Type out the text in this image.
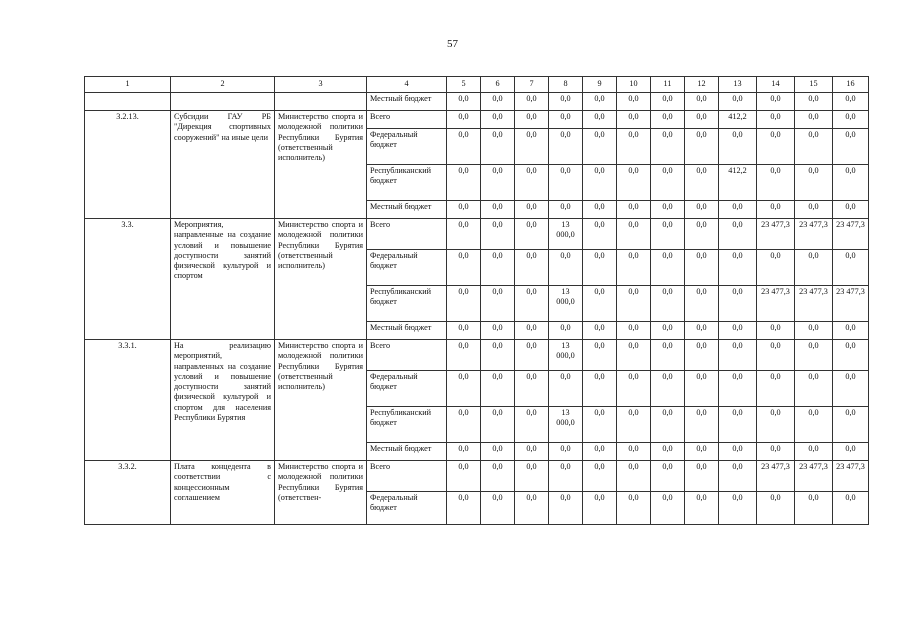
57
1	2	3	4	5	6	7	8	9	10	11	12	13	14	15	16
			Местный бюджет	0,0	0,0	0,0	0,0	0,0	0,0	0,0	0,0	0,0	0,0	0,0	0,0
3.2.13.	Субсидии ГАУ РБ "Дирекция спортивных сооружений" на иные цели	Министерство спорта и молодежной политики Республики Бурятия (ответственный исполнитель)	Всего	0,0	0,0	0,0	0,0	0,0	0,0	0,0	0,0	412,2	0,0	0,0	0,0
			Федеральный бюджет	0,0	0,0	0,0	0,0	0,0	0,0	0,0	0,0	0,0	0,0	0,0	0,0
			Республиканский бюджет	0,0	0,0	0,0	0,0	0,0	0,0	0,0	0,0	412,2	0,0	0,0	0,0
			Местный бюджет	0,0	0,0	0,0	0,0	0,0	0,0	0,0	0,0	0,0	0,0	0,0	0,0
3.3.	Мероприятия, направленные на создание условий и повышение доступности занятий физической культурой и спортом	Министерство спорта и молодежной политики Республики Бурятия (ответственный исполнитель)	Всего	0,0	0,0	0,0	13 000,0	0,0	0,0	0,0	0,0	0,0	23 477,3	23 477,3	23 477,3
			Федеральный бюджет	0,0	0,0	0,0	0,0	0,0	0,0	0,0	0,0	0,0	0,0	0,0	0,0
			Республиканский бюджет	0,0	0,0	0,0	13 000,0	0,0	0,0	0,0	0,0	0,0	23 477,3	23 477,3	23 477,3
			Местный бюджет	0,0	0,0	0,0	0,0	0,0	0,0	0,0	0,0	0,0	0,0	0,0	0,0
3.3.1.	На реализацию мероприятий, направленных на создание условий и повышение доступности занятий физической культурой и спортом для населения Республики Бурятия	Министерство спорта и молодежной политики Республики Бурятия (ответственный исполнитель)	Всего	0,0	0,0	0,0	13 000,0	0,0	0,0	0,0	0,0	0,0	0,0	0,0	0,0
			Федеральный бюджет	0,0	0,0	0,0	0,0	0,0	0,0	0,0	0,0	0,0	0,0	0,0	0,0
			Республиканский бюджет	0,0	0,0	0,0	13 000,0	0,0	0,0	0,0	0,0	0,0	0,0	0,0	0,0
			Местный бюджет	0,0	0,0	0,0	0,0	0,0	0,0	0,0	0,0	0,0	0,0	0,0	0,0
3.3.2.	Плата концедента в соответствии с концессионным соглашением	Министерство спорта и молодежной политики Республики Бурятия (ответствен-	Всего	0,0	0,0	0,0	0,0	0,0	0,0	0,0	0,0	0,0	23 477,3	23 477,3	23 477,3
			Федеральный бюджет	0,0	0,0	0,0	0,0	0,0	0,0	0,0	0,0	0,0	0,0	0,0	0,0
